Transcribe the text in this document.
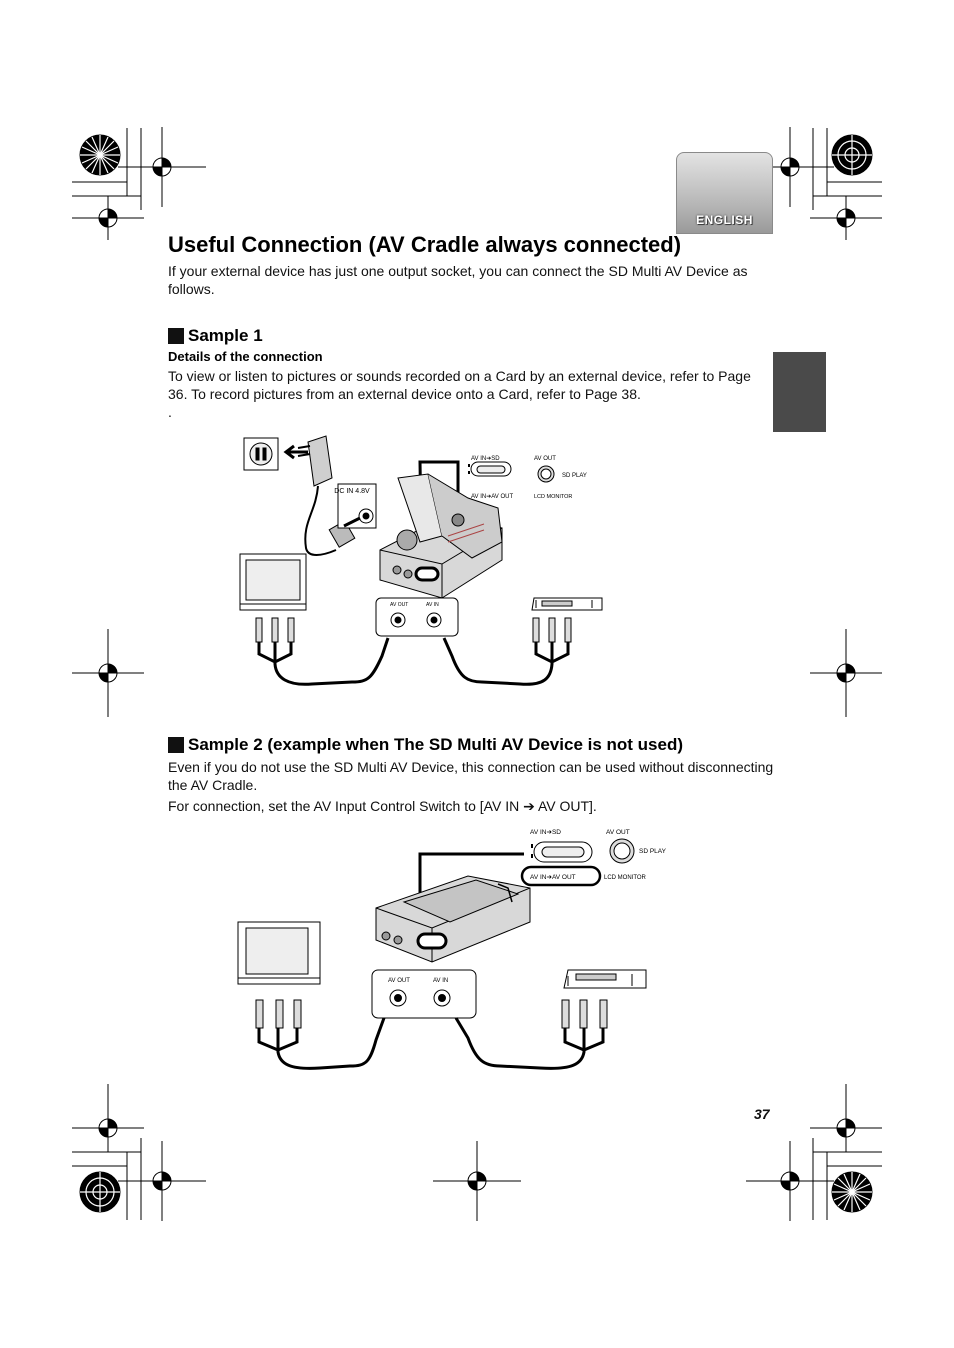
ENGLISH
Useful Connection (AV Cradle always connected)

If your external device has just one output socket, you can connect the SD Multi AV Device as follows.

Sample 1
Details of the connection

To view or listen to pictures or sounds recorded on a Card by an external device, refer to Page 36. To record pictures from an external device onto a Card, refer to Page 38.

.

DC IN 4.8V
AV IN➔SD
AV IN➔AV OUT
AV OUT
SD PLAY
LCD MONITOR
AV OUT	AV IN
Sample 2 (example when The SD Multi AV Device is not used)

Even if you do not use the SD Multi AV Device, this connection can be used without disconnecting the AV Cradle.

For connection, set the AV Input Control Switch to [AV IN ➔ AV OUT].

AV IN➔SD
AV IN➔AV OUT
AV OUT
SD PLAY
LCD MONITOR
AV OUT	AV IN
37
